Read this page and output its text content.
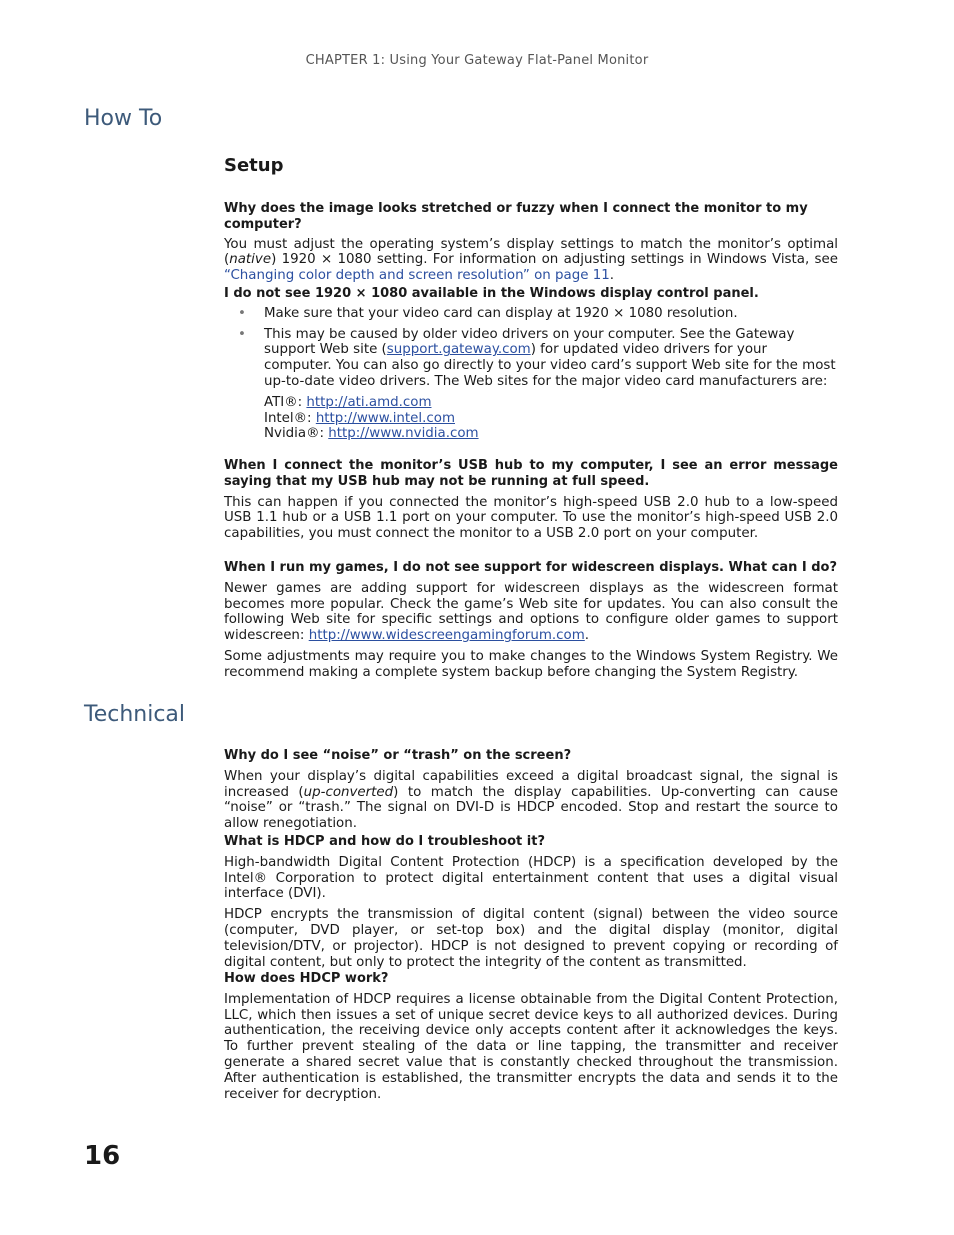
CHAPTER 1: Using Your Gateway Flat-Panel Monitor
How To

Setup

Why does the image looks stretched or fuzzy when I connect the monitor to my computer?

You must adjust the operating system’s display settings to match the monitor’s optimal (native) 1920 × 1080 setting. For information on adjusting settings in Windows Vista, see “Changing color depth and screen resolution” on page 11.

I do not see 1920 × 1080 available in the Windows display control panel.

• Make sure that your video card can display at 1920 × 1080 resolution.
• This may be caused by older video drivers on your computer. See the Gateway support Web site (support.gateway.com) for updated video drivers for your computer. You can also go directly to your video card’s support Web site for the most up-to-date video drivers. The Web sites for the major video card manufacturers are:
ATI®: http://ati.amd.com
Intel®: http://www.intel.com
Nvidia®: http://www.nvidia.com

When I connect the monitor’s USB hub to my computer, I see an error message saying that my USB hub may not be running at full speed.

This can happen if you connected the monitor’s high-speed USB 2.0 hub to a low-speed USB 1.1 hub or a USB 1.1 port on your computer. To use the monitor’s high-speed USB 2.0 capabilities, you must connect the monitor to a USB 2.0 port on your computer.

When I run my games, I do not see support for widescreen displays. What can I do?

Newer games are adding support for widescreen displays as the widescreen format becomes more popular. Check the game’s Web site for updates. You can also consult the following Web site for specific settings and options to configure older games to support widescreen: http://www.widescreengamingforum.com.

Some adjustments may require you to make changes to the Windows System Registry. We recommend making a complete system backup before changing the System Registry.

Technical

Why do I see “noise” or “trash” on the screen?

When your display’s digital capabilities exceed a digital broadcast signal, the signal is increased (up-converted) to match the display capabilities. Up-converting can cause “noise” or “trash.” The signal on DVI-D is HDCP encoded. Stop and restart the source to allow renegotiation.

What is HDCP and how do I troubleshoot it?

High-bandwidth Digital Content Protection (HDCP) is a specification developed by the Intel® Corporation to protect digital entertainment content that uses a digital visual interface (DVI).

HDCP encrypts the transmission of digital content (signal) between the video source (computer, DVD player, or set-top box) and the digital display (monitor, digital television/DTV, or projector). HDCP is not designed to prevent copying or recording of digital content, but only to protect the integrity of the content as transmitted.

How does HDCP work?

Implementation of HDCP requires a license obtainable from the Digital Content Protection, LLC, which then issues a set of unique secret device keys to all authorized devices. During authentication, the receiving device only accepts content after it acknowledges the keys. To further prevent stealing of the data or line tapping, the transmitter and receiver generate a shared secret value that is constantly checked throughout the transmission. After authentication is established, the transmitter encrypts the data and sends it to the receiver for decryption.

16
